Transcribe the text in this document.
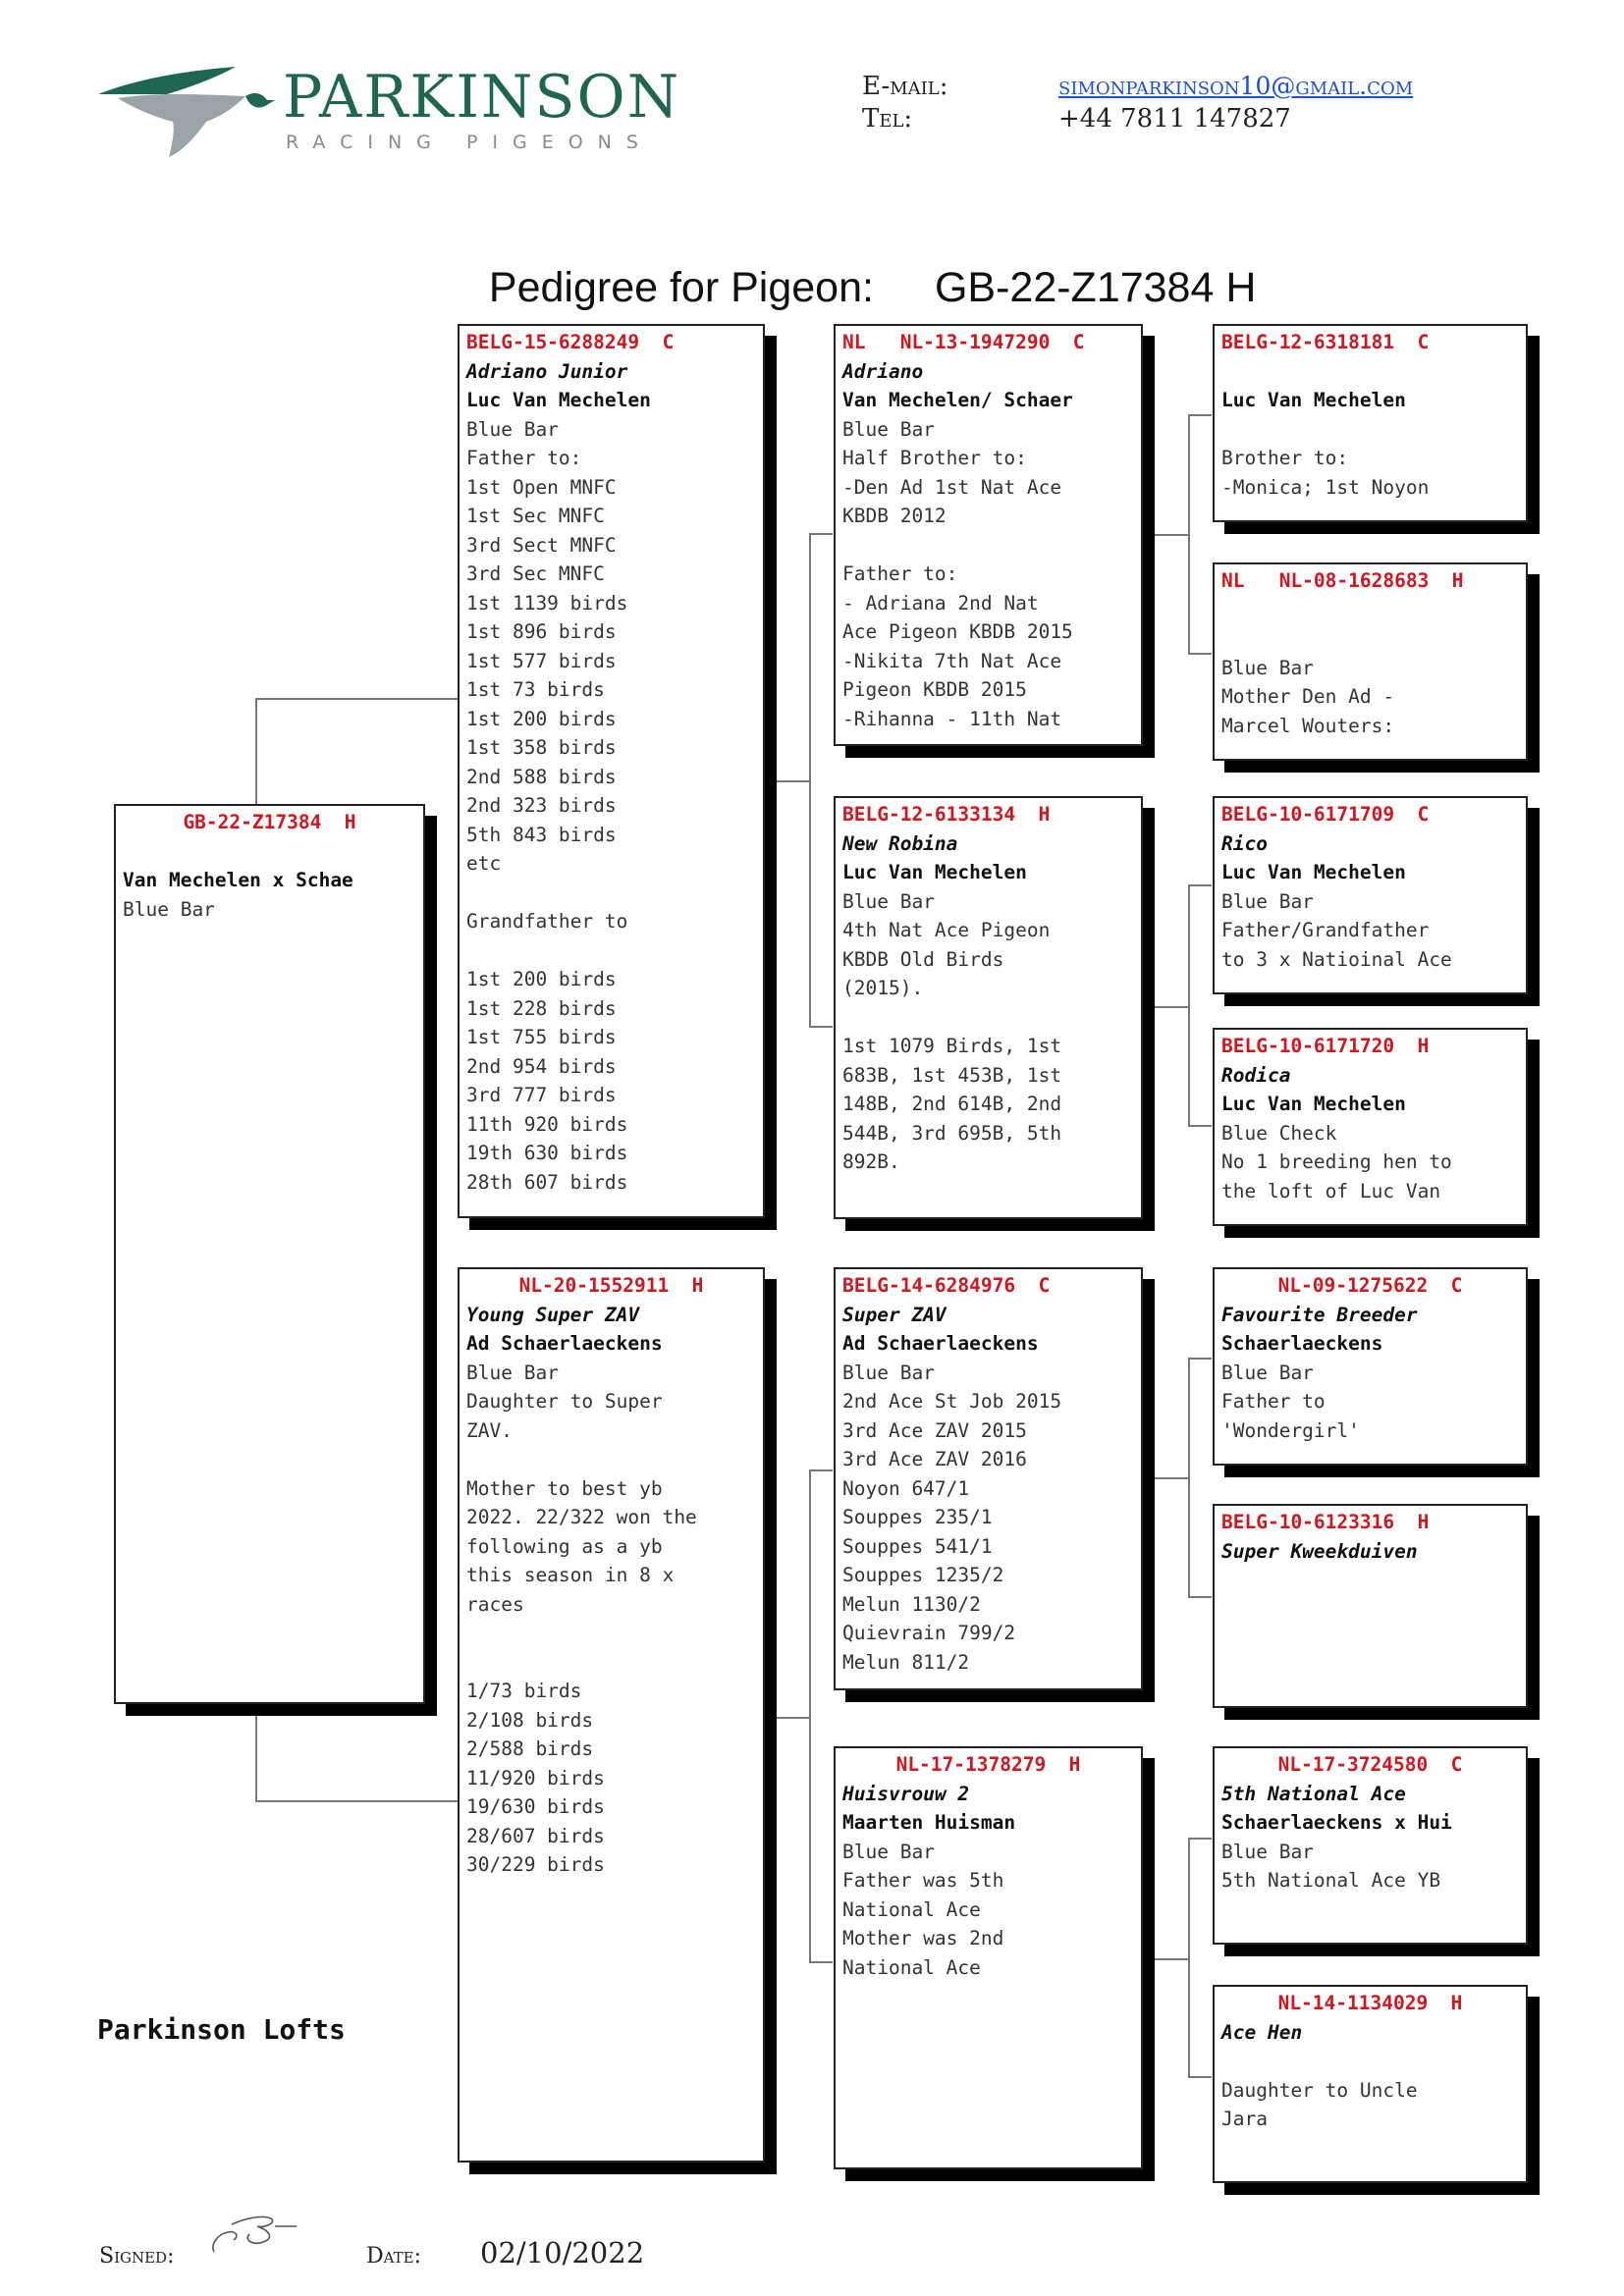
PARKINSON
RACING PIGEONS
E-mail:	simonparkinson10@gmail.com
Tel:	+44 7811 147827

Pedigree for Pigeon: GB-22-Z17384 H

GB-22-Z17384  H
Van Mechelen x Schae
Blue Bar
BELG-15-6288249  C
Adriano Junior
Luc Van Mechelen
Blue Bar
Father to:
1st Open MNFC
1st Sec MNFC
3rd Sect MNFC
3rd Sec MNFC
1st 1139 birds
1st 896 birds
1st 577 birds
1st 73 birds
1st 200 birds
1st 358 birds
2nd 588 birds
2nd 323 birds
5th 843 birds
etc
Grandfather to
1st 200 birds
1st 228 birds
1st 755 birds
2nd 954 birds
3rd 777 birds
11th 920 birds
19th 630 birds
28th 607 birds
NL-20-1552911  H
Young Super ZAV
Ad Schaerlaeckens
Blue Bar
Daughter to Super
ZAV.
Mother to best yb
2022. 22/322 won the
following as a yb
this season in 8 x
races
1/73 birds
2/108 birds
2/588 birds
11/920 birds
19/630 birds
28/607 birds
30/229 birds
NL   NL-13-1947290  C
Adriano
Van Mechelen/ Schaer
Blue Bar
Half Brother to:
-Den Ad 1st Nat Ace
KBDB 2012
Father to:
- Adriana 2nd Nat
Ace Pigeon KBDB 2015
-Nikita 7th Nat Ace
Pigeon KBDB 2015
-Rihanna - 11th Nat
BELG-12-6133134  H
New Robina
Luc Van Mechelen
Blue Bar
4th Nat Ace Pigeon
KBDB Old Birds
(2015).
1st 1079 Birds, 1st
683B, 1st 453B, 1st
148B, 2nd 614B, 2nd
544B, 3rd 695B, 5th
892B.
BELG-14-6284976  C
Super ZAV
Ad Schaerlaeckens
Blue Bar
2nd Ace St Job 2015
3rd Ace ZAV 2015
3rd Ace ZAV 2016
Noyon 647/1
Souppes 235/1
Souppes 541/1
Souppes 1235/2
Melun 1130/2
Quievrain 799/2
Melun 811/2
NL-17-1378279  H
Huisvrouw 2
Maarten Huisman
Blue Bar
Father was 5th
National Ace
Mother was 2nd
National Ace
BELG-12-6318181  C
Luc Van Mechelen
Brother to:
-Monica; 1st Noyon
NL   NL-08-1628683  H
Blue Bar
Mother Den Ad -
Marcel Wouters:
BELG-10-6171709  C
Rico
Luc Van Mechelen
Blue Bar
Father/Grandfather
to 3 x Natioinal Ace
BELG-10-6171720  H
Rodica
Luc Van Mechelen
Blue Check
No 1 breeding hen to
the loft of Luc Van
NL-09-1275622  C
Favourite Breeder
Schaerlaeckens
Blue Bar
Father to
'Wondergirl'
BELG-10-6123316  H
Super Kweekduiven
NL-17-3724580  C
5th National Ace
Schaerlaeckens x Hui
Blue Bar
5th National Ace YB
NL-14-1134029  H
Ace Hen
Daughter to Uncle
Jara
Parkinson Lofts
Signed:	Date: 02/10/2022
